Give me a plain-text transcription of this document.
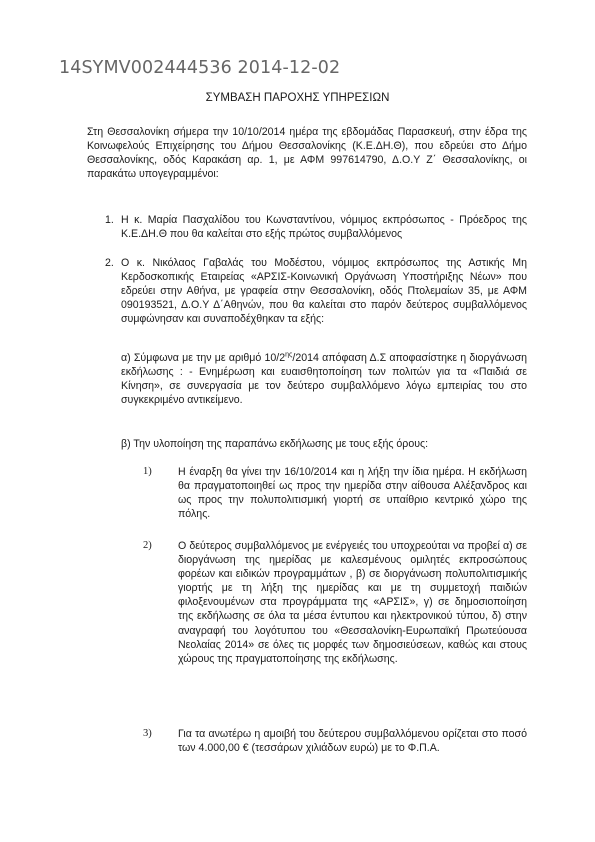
14SYMV002444536 2014-12-02
ΣΥΜΒΑΣΗ ΠΑΡΟΧΗΣ ΥΠΗΡΕΣΙΩΝ
Στη Θεσσαλονίκη σήμερα την 10/10/2014 ημέρα της εβδομάδας Παρασκευή, στην έδρα της Κοινωφελούς Επιχείρησης του Δήμου Θεσσαλονίκης (Κ.Ε.ΔΗ.Θ), που εδρεύει στο Δήμο Θεσσαλονίκης, οδός Καρακάση αρ. 1, με ΑΦΜ 997614790, Δ.Ο.Υ Ζ΄ Θεσσαλονίκης, οι παρακάτω υπογεγραμμένοι:
1. Η κ. Μαρία Πασχαλίδου του Κωνσταντίνου, νόμιμος εκπρόσωπος - Πρόεδρος της Κ.Ε.ΔΗ.Θ που θα καλείται στο εξής πρώτος συμβαλλόμενος
2. Ο κ. Νικόλαος Γαβαλάς του Μοδέστου, νόμιμος εκπρόσωπος της Αστικής Μη Κερδοσκοπικής Εταιρείας «ΑΡΣΙΣ-Κοινωνική Οργάνωση Υποστήριξης Νέων» που εδρεύει στην Αθήνα, με γραφεία στην Θεσσαλονίκη, οδός Πτολεμαίων 35, με ΑΦΜ 090193521, Δ.Ο.Υ Δ΄Αθηνών, που θα καλείται στο παρόν δεύτερος συμβαλλόμενος συμφώνησαν και συναποδέχθηκαν τα εξής:
α) Σύμφωνα με την με αριθμό $10/2^{\eta\varsigma}/2014$ απόφαση Δ.Σ αποφασίστηκε η διοργάνωση εκδήλωσης : - Ενημέρωση και ευαισθητοποίηση των πολιτών για τα «Παιδιά σε Κίνηση», σε συνεργασία με τον δεύτερο συμβαλλόμενο λόγω εμπειρίας του στο συγκεκριμένο αντικείμενο.
β) Την υλοποίηση της παραπάνω εκδήλωσης με τους εξής όρους:
1) Η έναρξη θα γίνει την 16/10/2014 και η λήξη την ίδια ημέρα. Η εκδήλωση θα πραγματοποιηθεί ως προς την ημερίδα στην αίθουσα Αλέξανδρος και ως προς την πολυπολιτισμική γιορτή σε υπαίθριο κεντρικό χώρο της πόλης.
2) Ο δεύτερος συμβαλλόμενος με ενέργειές του υποχρεούται να προβεί α) σε διοργάνωση της ημερίδας με καλεσμένους ομιλητές εκπροσώπους φορέων και ειδικών προγραμμάτων , β) σε διοργάνωση πολυπολιτισμικής γιορτής με τη λήξη της ημερίδας και με τη συμμετοχή παιδιών φιλοξενουμένων στα προγράμματα της «ΑΡΣΙΣ», γ) σε δημοσιοποίηση της εκδήλωσης σε όλα τα μέσα έντυπου και ηλεκτρονικού τύπου, δ) στην αναγραφή του λογότυπου του «Θεσσαλονίκη-Ευρωπαϊκή Πρωτεύουσα Νεολαίας 2014» σε όλες τις μορφές των δημοσιεύσεων, καθώς και στους χώρους της πραγματοποίησης της εκδήλωσης.
3) Για τα ανωτέρω η αμοιβή του δεύτερου συμβαλλόμενου ορίζεται στο ποσό των 4.000,00 € (τεσσάρων χιλιάδων ευρώ) με το Φ.Π.Α.
